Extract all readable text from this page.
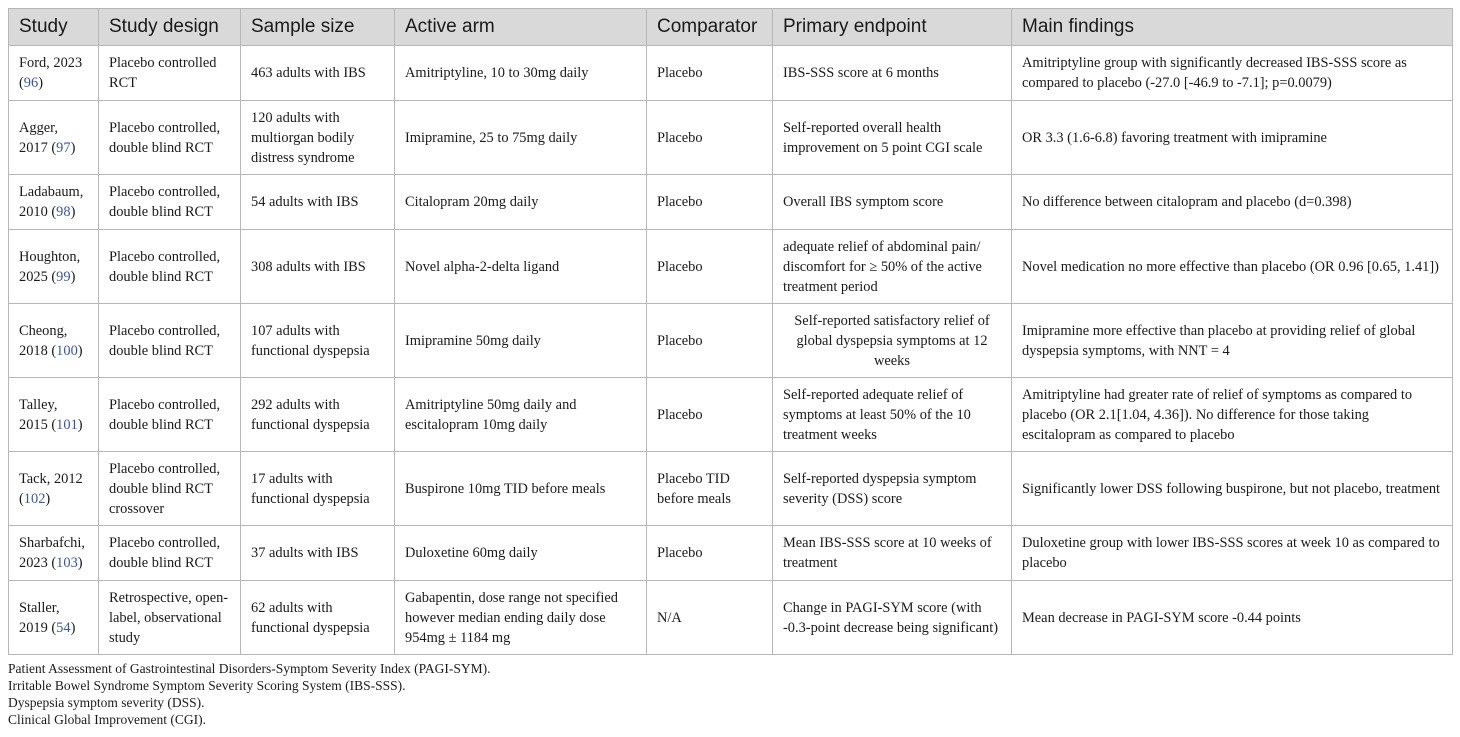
Study	Study design	Sample size	Active arm	Comparator	Primary endpoint	Main findings
Ford, 2023 (96)	Placebo controlled RCT	463 adults with IBS	Amitriptyline, 10 to 30mg daily	Placebo	IBS-SSS score at 6 months	Amitriptyline group with significantly decreased IBS-SSS score as compared to placebo (-27.0 [-46.9 to -7.1]; p=0.0079)
Agger, 2017 (97)	Placebo controlled, double blind RCT	120 adults with multiorgan bodily distress syndrome	Imipramine, 25 to 75mg daily	Placebo	Self-reported overall health improvement on 5 point CGI scale	OR 3.3 (1.6-6.8) favoring treatment with imipramine
Ladabaum, 2010 (98)	Placebo controlled, double blind RCT	54 adults with IBS	Citalopram 20mg daily	Placebo	Overall IBS symptom score	No difference between citalopram and placebo (d=0.398)
Houghton, 2025 (99)	Placebo controlled, double blind RCT	308 adults with IBS	Novel alpha-2-delta ligand	Placebo	adequate relief of abdominal pain/ discomfort for ≥ 50% of the active treatment period	Novel medication no more effective than placebo (OR 0.96 [0.65, 1.41])
Cheong, 2018 (100)	Placebo controlled, double blind RCT	107 adults with functional dyspepsia	Imipramine 50mg daily	Placebo	Self-reported satisfactory relief of global dyspepsia symptoms at 12 weeks	Imipramine more effective than placebo at providing relief of global dyspepsia symptoms, with NNT = 4
Talley, 2015 (101)	Placebo controlled, double blind RCT	292 adults with functional dyspepsia	Amitriptyline 50mg daily and escitalopram 10mg daily	Placebo	Self-reported adequate relief of symptoms at least 50% of the 10 treatment weeks	Amitriptyline had greater rate of relief of symptoms as compared to placebo (OR 2.1[1.04, 4.36]). No difference for those taking escitalopram as compared to placebo
Tack, 2012 (102)	Placebo controlled, double blind RCT crossover	17 adults with functional dyspepsia	Buspirone 10mg TID before meals	Placebo TID before meals	Self-reported dyspepsia symptom severity (DSS) score	Significantly lower DSS following buspirone, but not placebo, treatment
Sharbafchi, 2023 (103)	Placebo controlled, double blind RCT	37 adults with IBS	Duloxetine 60mg daily	Placebo	Mean IBS-SSS score at 10 weeks of treatment	Duloxetine group with lower IBS-SSS scores at week 10 as compared to placebo
Staller, 2019 (54)	Retrospective, open-label, observational study	62 adults with functional dyspepsia	Gabapentin, dose range not specified however median ending daily dose 954mg ± 1184 mg	N/A	Change in PAGI-SYM score (with -0.3-point decrease being significant)	Mean decrease in PAGI-SYM score -0.44 points
Patient Assessment of Gastrointestinal Disorders-Symptom Severity Index (PAGI-SYM).
Irritable Bowel Syndrome Symptom Severity Scoring System (IBS-SSS).
Dyspepsia symptom severity (DSS).
Clinical Global Improvement (CGI).
